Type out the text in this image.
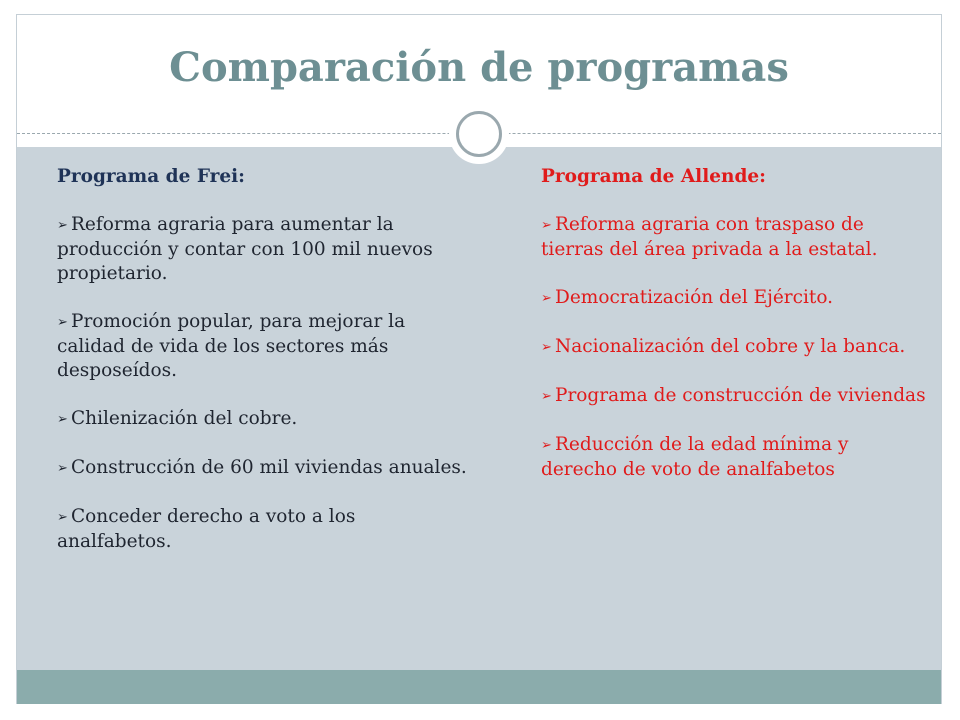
Comparación de programas

Programa de Frei:

➢ Reforma agraria para aumentar la producción y contar con 100 mil nuevos propietario.
➢ Promoción popular, para mejorar la calidad de vida de los sectores más desposeídos.
➢ Chilenización del cobre.
➢ Construcción de 60 mil viviendas anuales.
➢ Conceder derecho a voto a los analfabetos.

Programa de Allende:

➢ Reforma agraria con traspaso de tierras del área privada a la estatal.
➢ Democratización del Ejército.
➢ Nacionalización del cobre y la banca.
➢ Programa de construcción de viviendas
➢ Reducción de la edad mínima y derecho de voto de analfabetos
